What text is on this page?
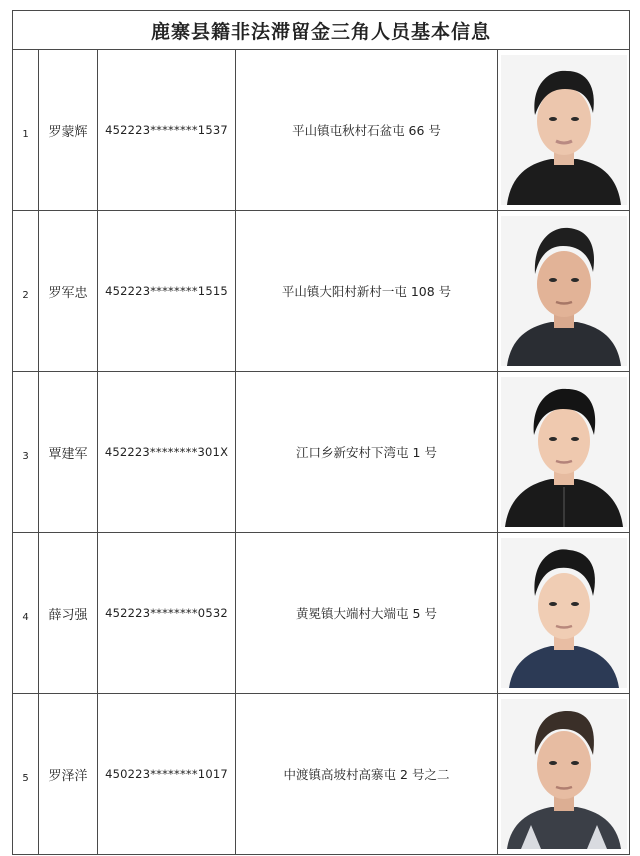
鹿寨县籍非法滞留金三角人员基本信息				
1	罗蒙辉	452223********1537	平山镇屯秋村石盆屯 66 号	

2	罗军忠	452223********1515	平山镇大阳村新村一屯 108 号	

3	覃建军	452223********301X	江口乡新安村下湾屯 1 号	

4	薛习强	452223********0532	黄冕镇大端村大端屯 5 号	

5	罗泽洋	450223********1017	中渡镇高坡村高寨屯 2 号之二	
